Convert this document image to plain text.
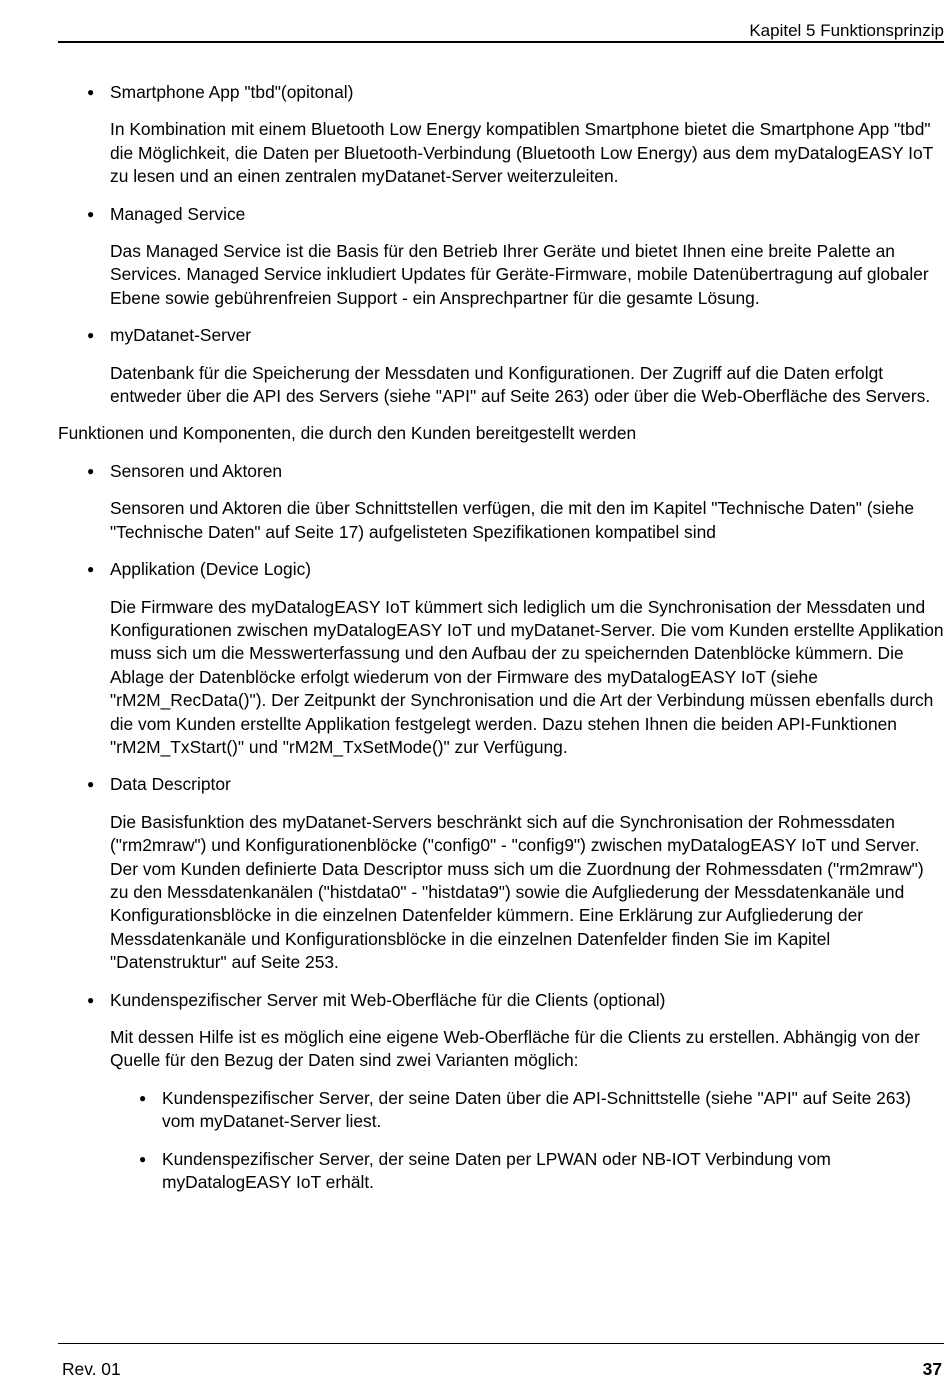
Kapitel 5 Funktionsprinzip
● Smartphone App "tbd"(opitonal)
In Kombination mit einem Bluetooth Low Energy kompatiblen Smartphone bietet die Smartphone App "tbd" die Möglichkeit, die Daten per Bluetooth-Verbindung (Bluetooth Low Energy) aus dem myDatalogEASY IoT zu lesen und an einen zentralen myDatanet-Server weiterzuleiten.
● Managed Service
Das Managed Service ist die Basis für den Betrieb Ihrer Geräte und bietet Ihnen eine breite Palette an Services. Managed Service inkludiert Updates für Geräte-Firmware, mobile Datenübertragung auf globaler Ebene sowie gebührenfreien Support - ein Ansprechpartner für die gesamte Lösung.
● myDatanet-Server
Datenbank für die Speicherung der Messdaten und Konfigurationen. Der Zugriff auf die Daten erfolgt entweder über die API des Servers (siehe "API" auf Seite 263) oder über die Web-Oberfläche des Servers.
Funktionen und Komponenten, die durch den Kunden bereitgestellt werden
● Sensoren und Aktoren
Sensoren und Aktoren die über Schnittstellen verfügen, die mit den im Kapitel "Technische Daten" (siehe "Technische Daten" auf Seite 17) aufgelisteten Spezifikationen kompatibel sind
● Applikation (Device Logic)
Die Firmware des myDatalogEASY IoT kümmert sich lediglich um die Synchronisation der Messdaten und Konfigurationen zwischen myDatalogEASY IoT und myDatanet-Server. Die vom Kunden erstellte Applikation muss sich um die Messwerterfassung und den Aufbau der zu speichernden Datenblöcke kümmern. Die Ablage der Datenblöcke erfolgt wiederum von der Firmware des myDatalogEASY IoT (siehe "rM2M_RecData()"). Der Zeitpunkt der Synchronisation und die Art der Verbindung müssen ebenfalls durch die vom Kunden erstellte Applikation festgelegt werden. Dazu stehen Ihnen die beiden API-Funktionen "rM2M_TxStart()" und "rM2M_TxSetMode()" zur Verfügung.
● Data Descriptor
Die Basisfunktion des myDatanet-Servers beschränkt sich auf die Synchronisation der Rohmessdaten ("rm2mraw") und Konfigurationenblöcke ("config0" - "config9") zwischen myDatalogEASY IoT und Server. Der vom Kunden definierte Data Descriptor muss sich um die Zuordnung der Rohmessdaten ("rm2mraw") zu den Messdatenkanälen ("histdata0" - "histdata9") sowie die Aufgliederung der Messdatenkanäle und Konfigurationsblöcke in die einzelnen Datenfelder kümmern. Eine Erklärung zur Aufgliederung der Messdatenkanäle und Konfigurationsblöcke in die einzelnen Datenfelder finden Sie im Kapitel "Datenstruktur" auf Seite 253.
● Kundenspezifischer Server mit Web-Oberfläche für die Clients (optional)
Mit dessen Hilfe ist es möglich eine eigene Web-Oberfläche für die Clients zu erstellen. Abhängig von der Quelle für den Bezug der Daten sind zwei Varianten möglich:
● Kundenspezifischer Server, der seine Daten über die API-Schnittstelle (siehe "API" auf Seite 263) vom myDatanet-Server liest.
● Kundenspezifischer Server, der seine Daten per LPWAN oder NB-IOT Verbindung vom myDatalogEASY IoT erhält.
Rev. 01	37
